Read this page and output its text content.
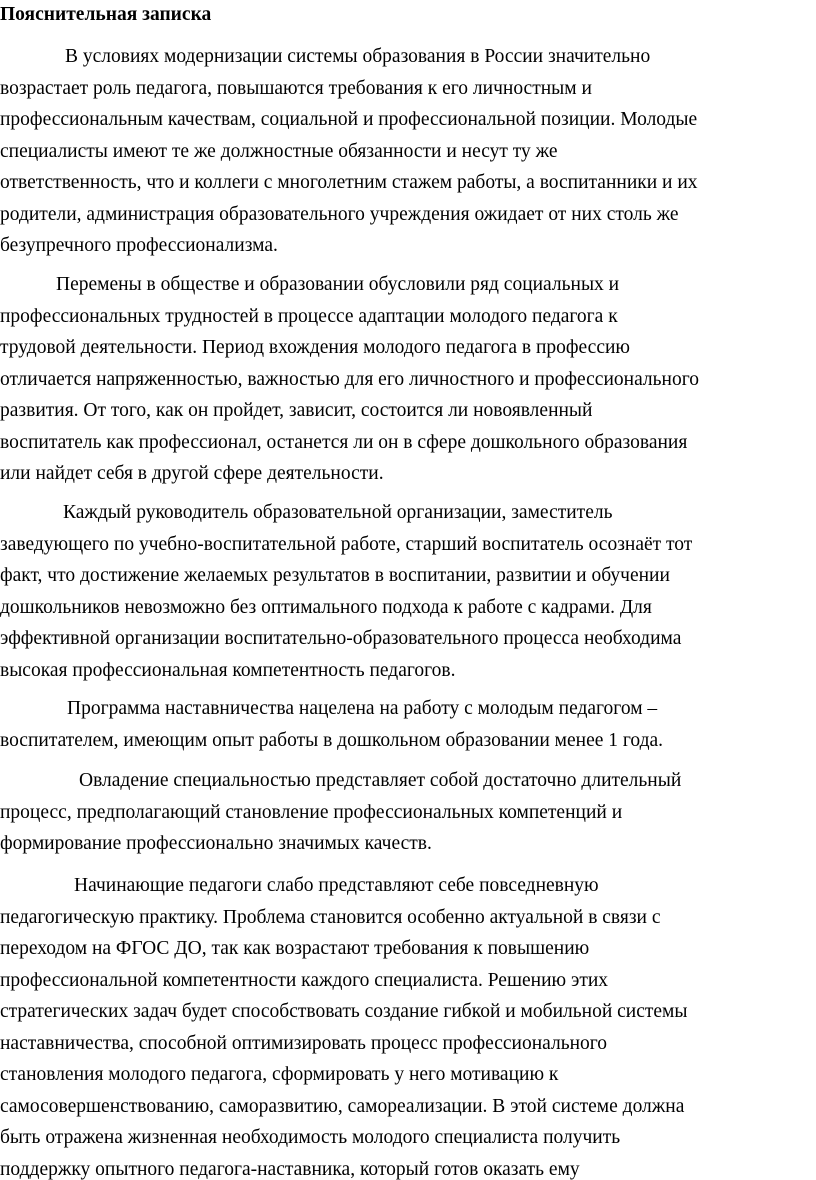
Пояснительная записка

В условиях модернизации системы образования в России значительно
возрастает роль педагога, повышаются требования к его личностным и
профессиональным качествам, социальной и профессиональной позиции. Молодые
специалисты имеют те же должностные обязанности и несут ту же
ответственность, что и коллеги с многолетним стажем работы, а воспитанники и их
родители, администрация образовательного учреждения ожидает от них столь же
безупречного профессионализма.

Перемены в обществе и образовании обусловили ряд социальных и
профессиональных трудностей в процессе адаптации молодого педагога к
трудовой деятельности. Период вхождения молодого педагога в профессию
отличается напряженностью, важностью для его личностного и профессионального
развития. От того, как он пройдет, зависит, состоится ли новоявленный
воспитатель как профессионал, останется ли он в сфере дошкольного образования
или найдет себя в другой сфере деятельности.

Каждый руководитель образовательной организации, заместитель
заведующего по учебно-воспитательной работе, старший воспитатель осознаёт тот
факт, что достижение желаемых результатов в воспитании, развитии и обучении
дошкольников невозможно без оптимального подхода к работе с кадрами. Для
эффективной организации воспитательно-образовательного процесса необходима
высокая профессиональная компетентность педагогов.

Программа наставничества нацелена на работу с молодым педагогом –
воспитателем, имеющим опыт работы в дошкольном образовании менее 1 года.

Овладение специальностью представляет собой достаточно длительный
процесс, предполагающий становление профессиональных компетенций и
формирование профессионально значимых качеств.

Начинающие педагоги слабо представляют себе повседневную
педагогическую практику. Проблема становится особенно актуальной в связи с
переходом на ФГОС ДО, так как возрастают требования к повышению
профессиональной компетентности каждого специалиста. Решению этих
стратегических задач будет способствовать создание гибкой и мобильной системы
наставничества, способной оптимизировать процесс профессионального
становления молодого педагога, сформировать у него мотивацию к
самосовершенствованию, саморазвитию, самореализации. В этой системе должна
быть отражена жизненная необходимость молодого специалиста получить
поддержку опытного педагога-наставника, который готов оказать ему
